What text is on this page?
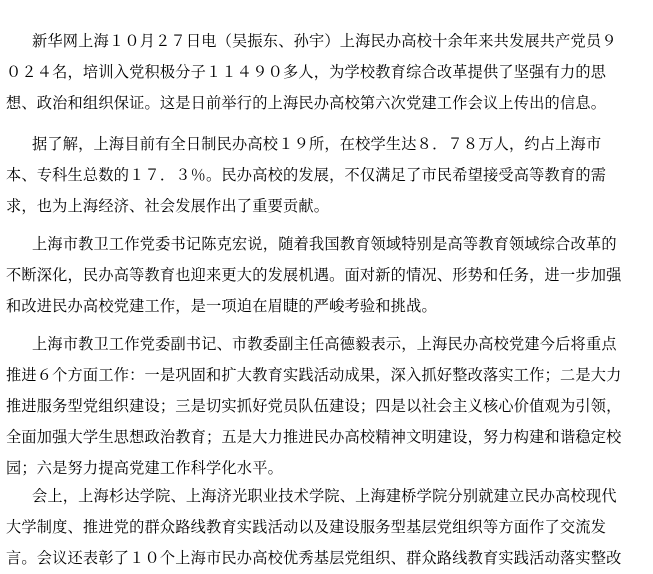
新华网上海１０月２７日电（吴振东、孙宇）上海民办高校十余年来共发展共产党员９
０２４名，培训入党积极分子１１４９０多人，为学校教育综合改革提供了坚强有力的思
想、政治和组织保证。这是日前举行的上海民办高校第六次党建工作会议上传出的信息。
据了解，上海目前有全日制民办高校１９所，在校学生达８．７８万人，约占上海市
本、专科生总数的１７．３％。民办高校的发展，不仅满足了市民希望接受高等教育的需
求，也为上海经济、社会发展作出了重要贡献。
上海市教卫工作党委书记陈克宏说，随着我国教育领域特别是高等教育领域综合改革的
不断深化，民办高等教育也迎来更大的发展机遇。面对新的情况、形势和任务，进一步加强
和改进民办高校党建工作，是一项迫在眉睫的严峻考验和挑战。
上海市教卫工作党委副书记、市教委副主任高德毅表示，上海民办高校党建今后将重点
推进６个方面工作：一是巩固和扩大教育实践活动成果，深入抓好整改落实工作；二是大力
推进服务型党组织建设；三是切实抓好党员队伍建设；四是以社会主义核心价值观为引领，
全面加强大学生思想政治教育；五是大力推进民办高校精神文明建设，努力构建和谐稳定校
园；六是努力提高党建工作科学化水平。
会上，上海杉达学院、上海济光职业技术学院、上海建桥学院分别就建立民办高校现代
大学制度、推进党的群众路线教育实践活动以及建设服务型基层党组织等方面作了交流发
言。会议还表彰了１０个上海市民办高校优秀基层党组织、群众路线教育实践活动落实整改
